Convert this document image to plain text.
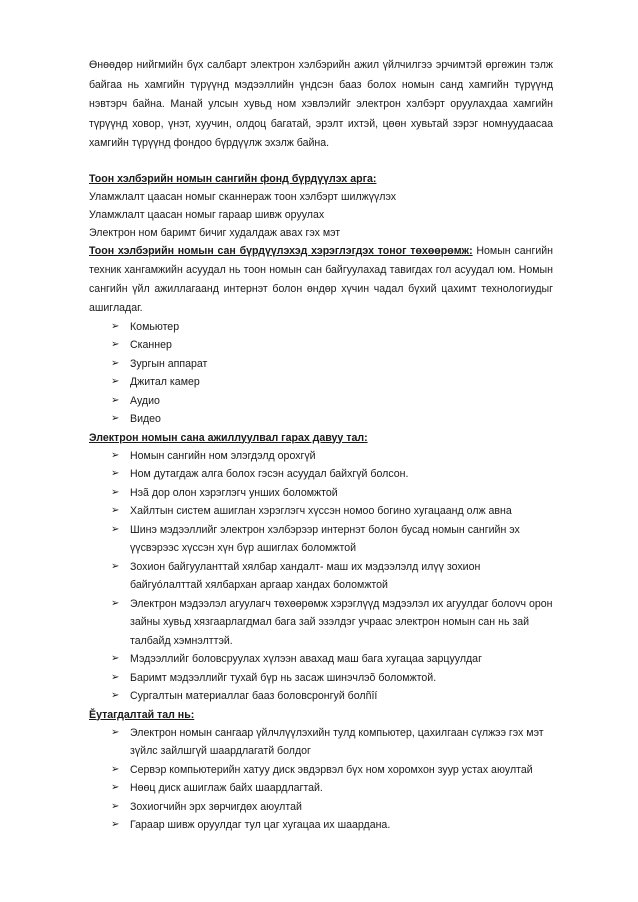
Өнөөдөр нийгмийн бүх салбарт электрон хэлбэрийн ажил үйлчилгээ эрчимтэй өргөжин тэлж байгаа нь хамгийн түрүүнд мэдээллийн үндсэн бааз болох номын санд хамгийн түрүүнд нэвтэрч байна. Манай улсын хувьд ном хэвлэлийг электрон хэлбэрт оруулахдаа хамгийн түрүүнд ховор, үнэт, хуучин, олдоц багатай, эрэлт ихтэй, цөөн хувьтай зэрэг номнуудаасаа хамгийн түрүүнд фондоо бүрдүүлж эхэлж байна.

Тоон хэлбэрийн номын сангийн фонд бүрдүүлэх арга:

Уламжлалт цаасан номыг сканнераж тоон хэлбэрт шилжүүлэх

Уламжлалт цаасан номыг гараар шивж оруулах

Электрон ном баримт бичиг худалдаж авах гэх мэт

Тоон хэлбэрийн номын сан бүрдүүлэхэд хэрэглэгдэх тоног төхөөрөмж: Номын сангийн техник хангамжийн асуудал нь тоон номын сан байгуулахад тавигдах гол асуудал юм. Номын сангийн үйл ажиллагаанд интернэт болон өндөр хүчин чадал бүхий цахимт технологиудыг ашигладаг.

➢ Комьютер
➢ Сканнер
➢ Зургын аппарат
➢ Джитал камер
➢ Аудио
➢ Видео

Электрон номын сана ажиллуулвал гарах давуу тал:

➢ Номын сангийн ном элэгдэлд орохгүй
➢ Ном дутагдаж алга болох гэсэн асуудал байхгүй болсон.
➢ Нэã дор олон хэрэглэгч унших боломжтой
➢ Хайлтын систем ашиглан хэрэглэгч хүссэн номоо богино хугацаанд олж авна
➢ Шинэ мэдээллийг электрон хэлбэрээр интернэт болон бусад номын сангийн эх үүсвэрээс хүссэн хүн бүр ашиглах боломжтой
➢ Зохион байгууланттай хялбар хандалт- маш их мэдээлэлд илүү зохион байгуóлалттай хялбархан аргаар хандах боломжтой
➢ Электрон мэдээлэл агуулагч төхөөрөмж хэрэглүүд мэдээлэл их агуулдаг болovч орон зайны хувьд хязгаарлагдмал бага зай эзэлдэг учраас электрон номын сан нь зай талбайд хэмнэлттэй.
➢ Мэдээллийг боловсруулах хүлээн авахад маш бага хугацаа зарцуулдаг
➢ Баримт мэдээллийг тухай бүр нь засаж шинэчлэõ боломжтой.
➢ Сургалтын материаллаг бааз боловсронгуй болñîí

Ӗутагдалтай тал нь:

➢ Электрон номын сангаар үйлчлүүлэхийн тулд компьютер, цахилгаан сүлжээ гэх мэт зүйлс зайлшгүй шаардлагатй болдог
➢ Сервэр компьютерийн хатуу диск эвдэрвэл бүх ном хоромхон зуур устах аюултай
➢ Нөөц диск ашиглаж байх шаардлагтай.
➢ Зохиогчийн эрх зөрчигдөх аюултай
➢ Гараар шивж оруулдаг тул цаг хугацаа их шаардана.
